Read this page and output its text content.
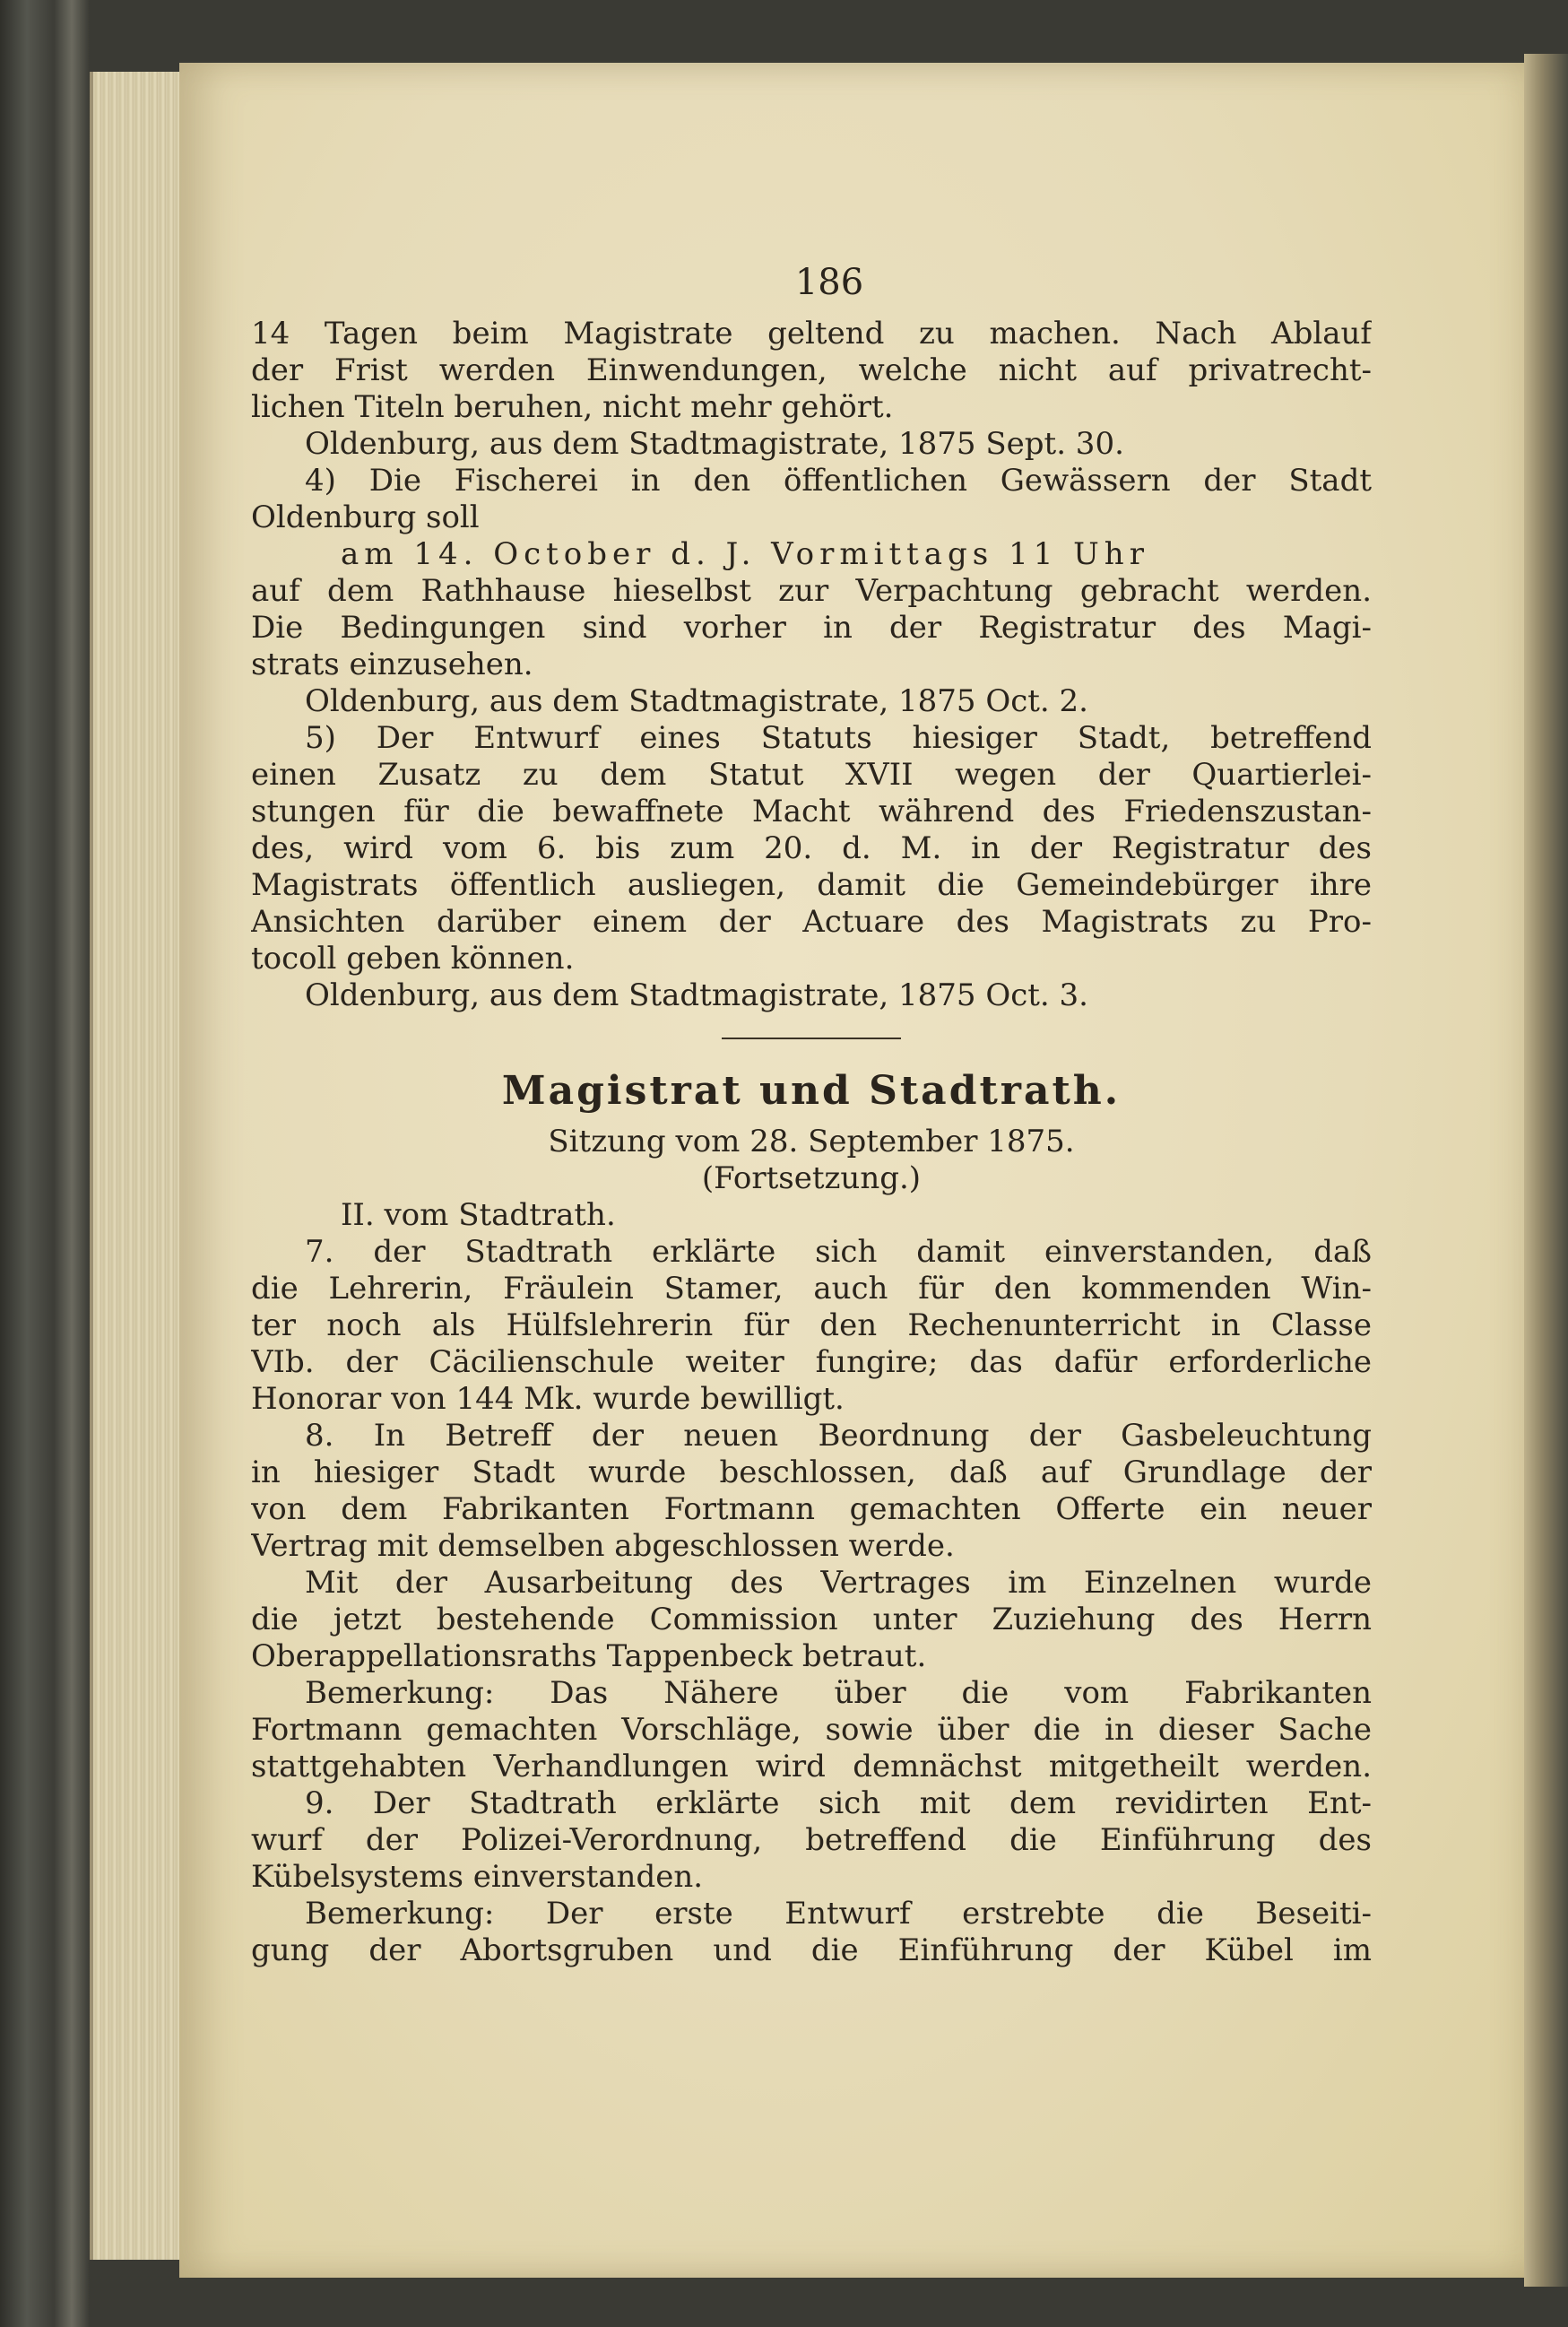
186
14 Tagen beim Magistrate geltend zu machen. Nach Ablauf
der Frist werden Einwendungen, welche nicht auf privatrecht-
lichen Titeln beruhen, nicht mehr gehört.
Oldenburg, aus dem Stadtmagistrate, 1875 Sept. 30.
4) Die Fischerei in den öffentlichen Gewässern der Stadt
Oldenburg soll
am 14. October d. J. Vormittags 11 Uhr
auf dem Rathhause hieselbst zur Verpachtung gebracht werden.
Die Bedingungen sind vorher in der Registratur des Magi-
strats einzusehen.
Oldenburg, aus dem Stadtmagistrate, 1875 Oct. 2.
5) Der Entwurf eines Statuts hiesiger Stadt, betreffend
einen Zusatz zu dem Statut XVII wegen der Quartierlei-
stungen für die bewaffnete Macht während des Friedenszustan-
des, wird vom 6. bis zum 20. d. M. in der Registratur des
Magistrats öffentlich ausliegen, damit die Gemeindebürger ihre
Ansichten darüber einem der Actuare des Magistrats zu Pro-
tocoll geben können.
Oldenburg, aus dem Stadtmagistrate, 1875 Oct. 3.
Magistrat und Stadtrath.
Sitzung vom 28. September 1875.
(Fortsetzung.)
II. vom Stadtrath.
7. der Stadtrath erklärte sich damit einverstanden, daß
die Lehrerin, Fräulein Stamer, auch für den kommenden Win-
ter noch als Hülfslehrerin für den Rechenunterricht in Classe
VIb. der Cäcilienschule weiter fungire; das dafür erforderliche
Honorar von 144 Mk. wurde bewilligt.
8. In Betreff der neuen Beordnung der Gasbeleuchtung
in hiesiger Stadt wurde beschlossen, daß auf Grundlage der
von dem Fabrikanten Fortmann gemachten Offerte ein neuer
Vertrag mit demselben abgeschlossen werde.
Mit der Ausarbeitung des Vertrages im Einzelnen wurde
die jetzt bestehende Commission unter Zuziehung des Herrn
Oberappellationsraths Tappenbeck betraut.
Bemerkung: Das Nähere über die vom Fabrikanten
Fortmann gemachten Vorschläge, sowie über die in dieser Sache
stattgehabten Verhandlungen wird demnächst mitgetheilt werden.
9. Der Stadtrath erklärte sich mit dem revidirten Ent-
wurf der Polizei-Verordnung, betreffend die Einführung des
Kübelsystems einverstanden.
Bemerkung: Der erste Entwurf erstrebte die Beseiti-
gung der Abortsgruben und die Einführung der Kübel im
